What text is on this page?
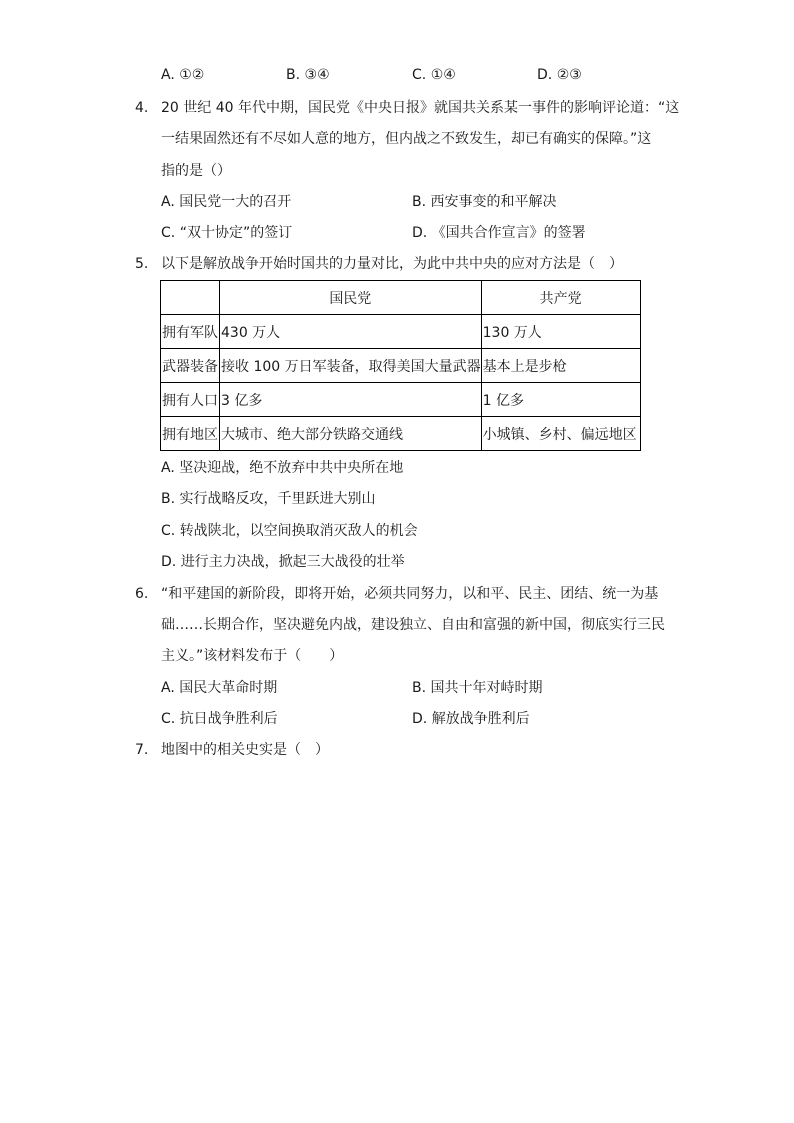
A. ①②	B. ③④	C. ①④	D. ②③
4. 20 世纪 40 年代中期，国民党《中央日报》就国共关系某一事件的影响评论道：“这
一结果固然还有不尽如人意的地方，但内战之不致发生，却已有确实的保障。”这
指的是（）
A. 国民党一大的召开	B. 西安事变的和平解决
C. “双十协定”的签订	D. 《国共合作宣言》的签署
5. 以下是解放战争开始时国共的力量对比，为此中共中央的应对方法是（　）
	国民党	共产党
拥有军队	430 万人	130 万人
武器装备	接收 100 万日军装备，取得美国大量武器	基本上是步枪
拥有人口	3 亿多	1 亿多
拥有地区	大城市、绝大部分铁路交通线	小城镇、乡村、偏远地区
A. 坚决迎战，绝不放弃中共中央所在地
B. 实行战略反攻，千里跃进大别山
C. 转战陕北，以空间换取消灭敌人的机会
D. 进行主力决战，掀起三大战役的壮举
6. “和平建国的新阶段，即将开始，必须共同努力，以和平、民主、团结、统一为基
础……长期合作，坚决避免内战，建设独立、自由和富强的新中国，彻底实行三民
主义。”该材料发布于（　　）
A. 国民大革命时期	B. 国共十年对峙时期
C. 抗日战争胜利后	D. 解放战争胜利后
7. 地图中的相关史实是（　）
